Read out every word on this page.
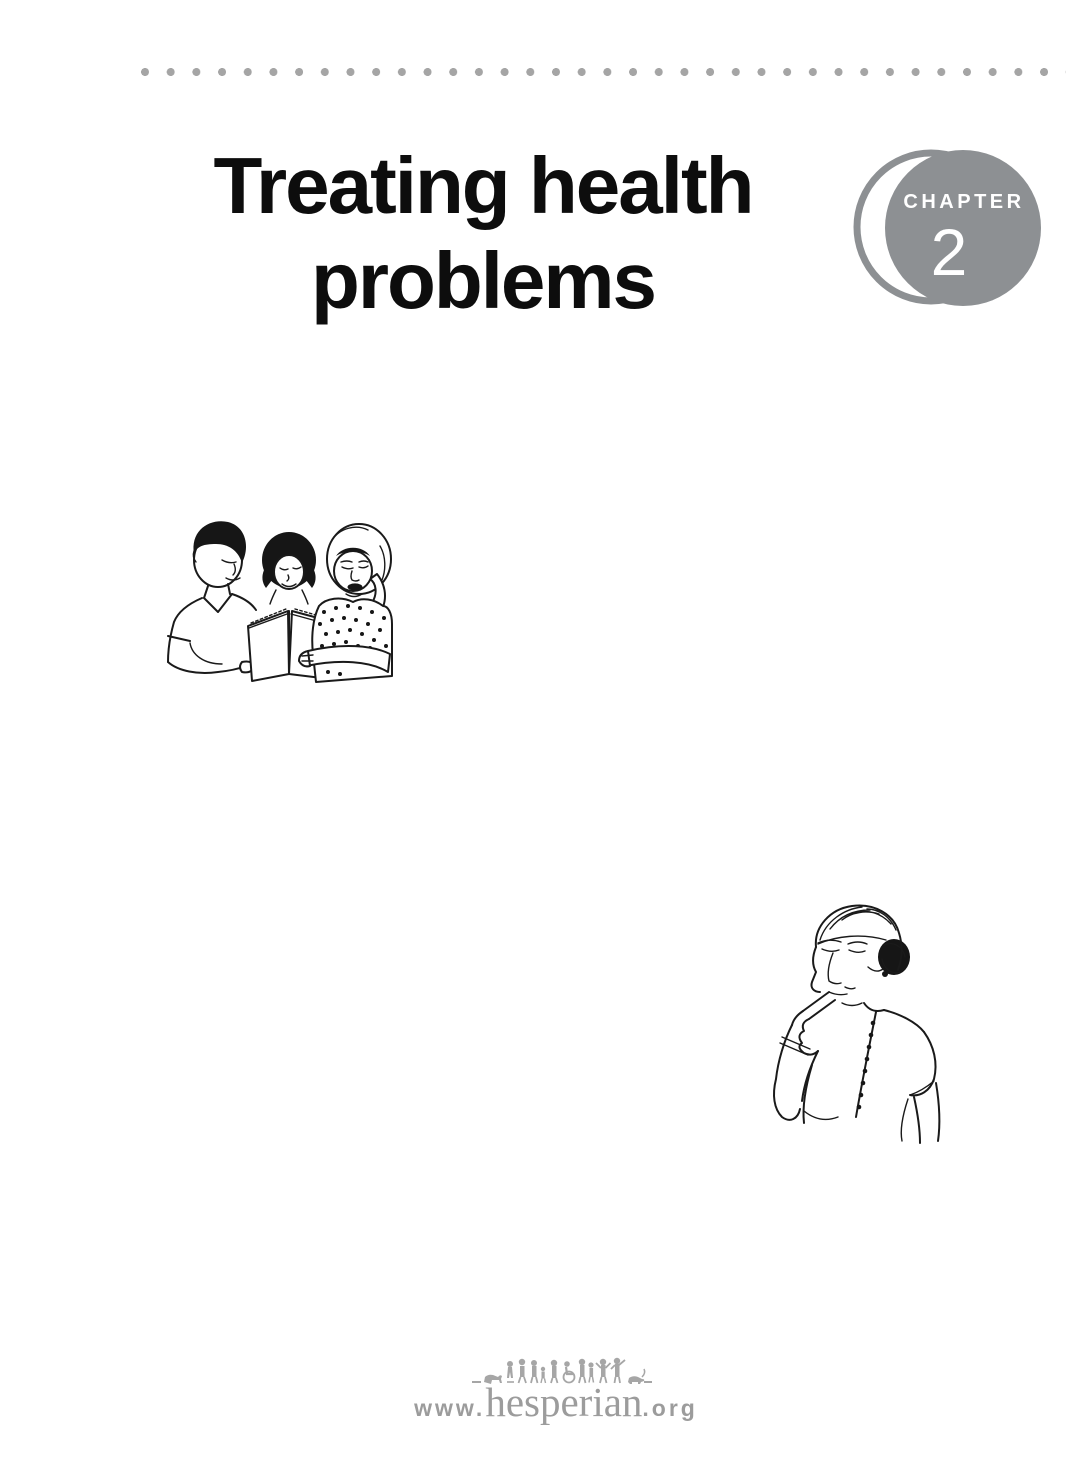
Treating health
problems
CHAPTER
2
www.hesperian.org
